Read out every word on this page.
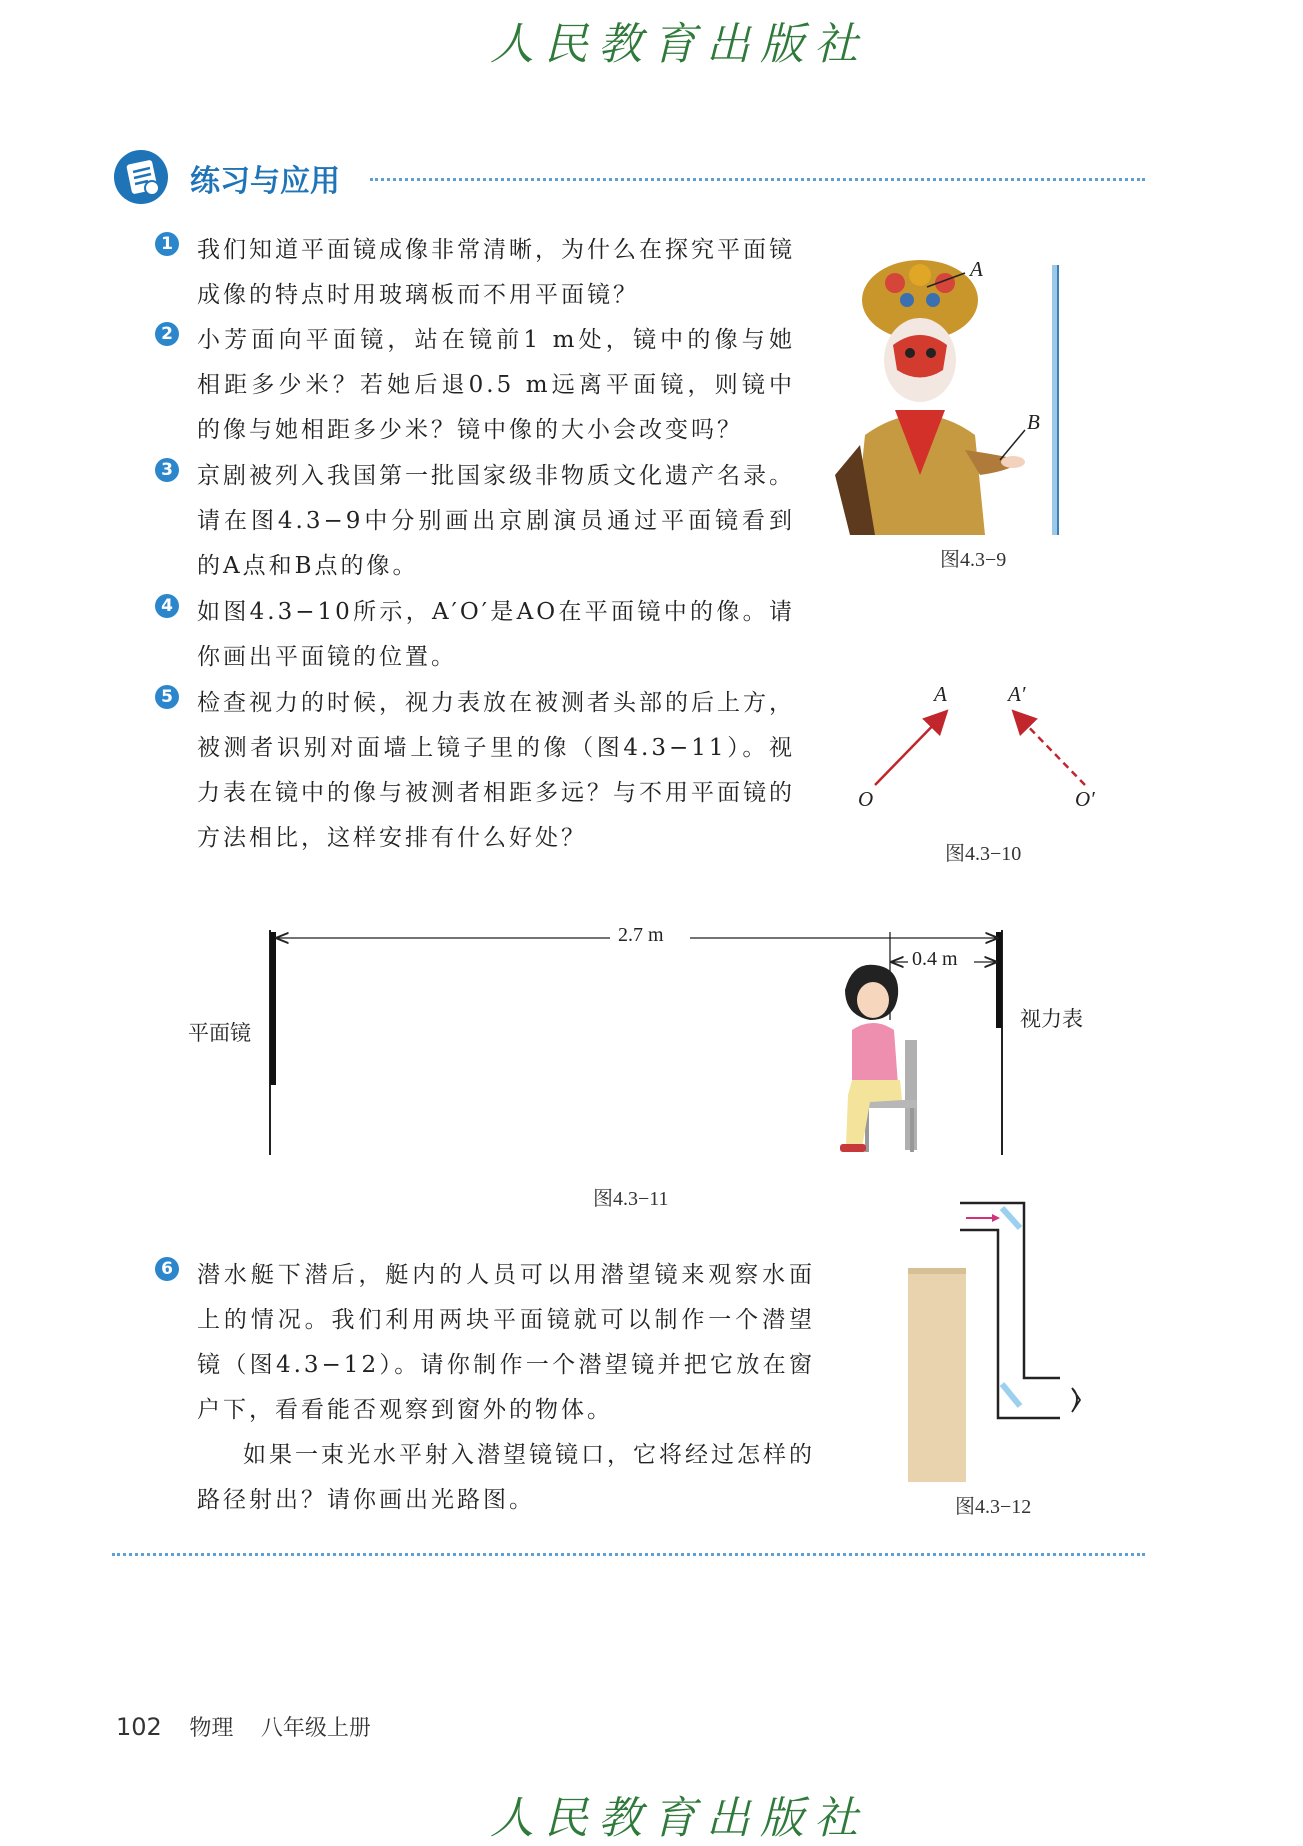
人民教育出版社
练习与应用
1 我们知道平面镜成像非常清晰，为什么在探究平面镜成像的特点时用玻璃板而不用平面镜？
2 小芳面向平面镜，站在镜前1 m处，镜中的像与她相距多少米？若她后退0.5 m远离平面镜，则镜中的像与她相距多少米？镜中像的大小会改变吗？
3 京剧被列入我国第一批国家级非物质文化遗产名录。请在图4.3−9中分别画出京剧演员通过平面镜看到的A点和B点的像。
4 如图4.3−10所示，A′O′是AO在平面镜中的像。请你画出平面镜的位置。
5 检查视力的时候，视力表放在被测者头部的后上方，被测者识别对面墙上镜子里的像（图4.3−11）。视力表在镜中的像与被测者相距多远？与不用平面镜的方法相比，这样安排有什么好处？
A
B
图4.3−9
A	A′
O	O′
图4.3−10
2.7 m
0.4 m
平面镜
视力表
图4.3−11
6 潜水艇下潜后，艇内的人员可以用潜望镜来观察水面上的情况。我们利用两块平面镜就可以制作一个潜望镜（图4.3−12）。请你制作一个潜望镜并把它放在窗户下，看看能否观察到窗外的物体。
如果一束光水平射入潜望镜镜口，它将经过怎样的路径射出？请你画出光路图。	图4.3−12
102 物理 八年级上册
人民教育出版社
